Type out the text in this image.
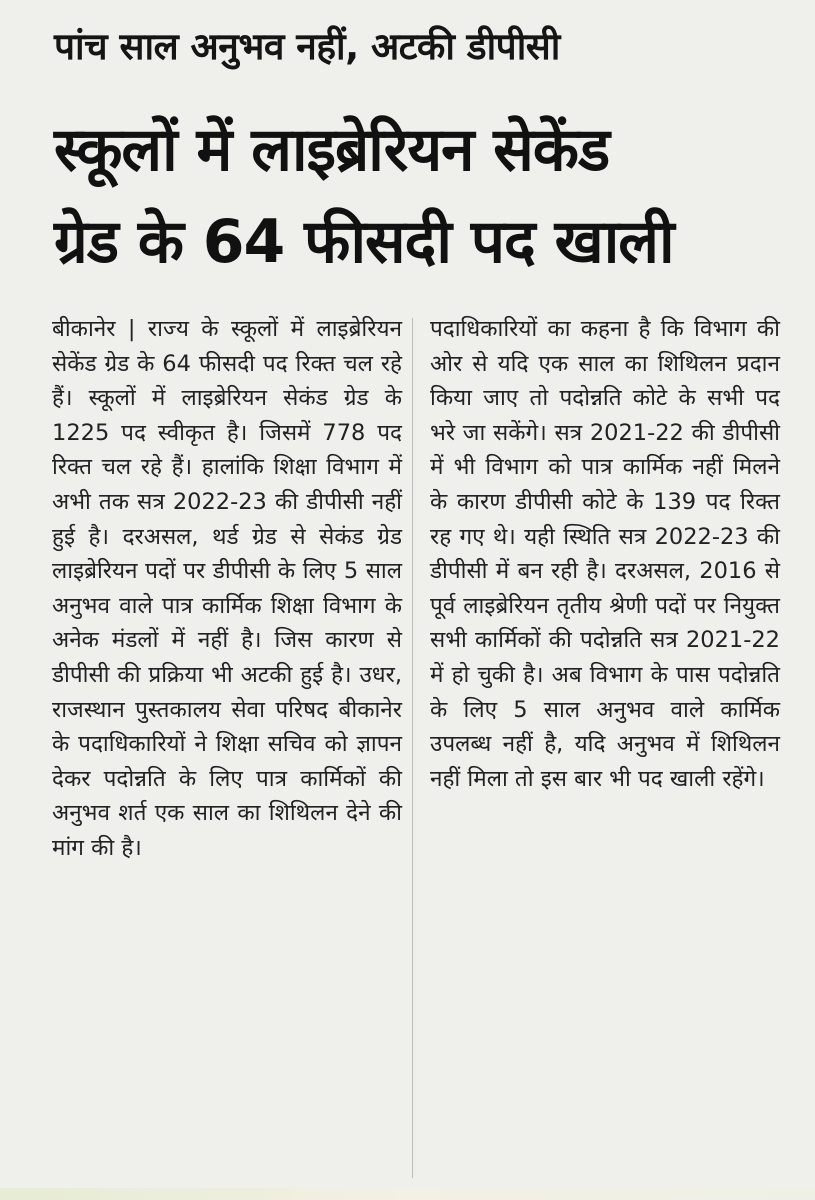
पांच साल अनुभव नहीं, अटकी डीपीसी
स्कूलों में लाइब्रेरियन सेकेंड
ग्रेड के 64 फीसदी पद खाली
बीकानेर | राज्य के स्कूलों में लाइब्रेरियन सेकेंड ग्रेड के 64 फीसदी पद रिक्त चल रहे हैं। स्कूलों में लाइब्रेरियन सेकंड ग्रेड के 1225 पद स्वीकृत है। जिसमें 778 पद रिक्त चल रहे हैं। हालांकि शिक्षा विभाग में अभी तक सत्र 2022-23 की डीपीसी नहीं हुई है। दरअसल, थर्ड ग्रेड से सेकंड ग्रेड लाइब्रेरियन पदों पर डीपीसी के लिए 5 साल अनुभव वाले पात्र कार्मिक शिक्षा विभाग के अनेक मंडलों में नहीं है। जिस कारण से डीपीसी की प्रक्रिया भी अटकी हुई है। उधर, राजस्थान पुस्तकालय सेवा परिषद बीकानेर के पदाधिकारियों ने शिक्षा सचिव को ज्ञापन देकर पदोन्नति के लिए पात्र कार्मिकों की अनुभव शर्त एक साल का शिथिलन देने की मांग की है।
पदाधिकारियों का कहना है कि विभाग की ओर से यदि एक साल का शिथिलन प्रदान किया जाए तो पदोन्नति कोटे के सभी पद भरे जा सकेंगे। सत्र 2021-22 की डीपीसी में भी विभाग को पात्र कार्मिक नहीं मिलने के कारण डीपीसी कोटे के 139 पद रिक्त रह गए थे। यही स्थिति सत्र 2022-23 की डीपीसी में बन रही है। दरअसल, 2016 से पूर्व लाइब्रेरियन तृतीय श्रेणी पदों पर नियुक्त सभी कार्मिकों की पदोन्नति सत्र 2021-22 में हो चुकी है। अब विभाग के पास पदोन्नति के लिए 5 साल अनुभव वाले कार्मिक उपलब्ध नहीं है, यदि अनुभव में शिथिलन नहीं मिला तो इस बार भी पद खाली रहेंगे।
